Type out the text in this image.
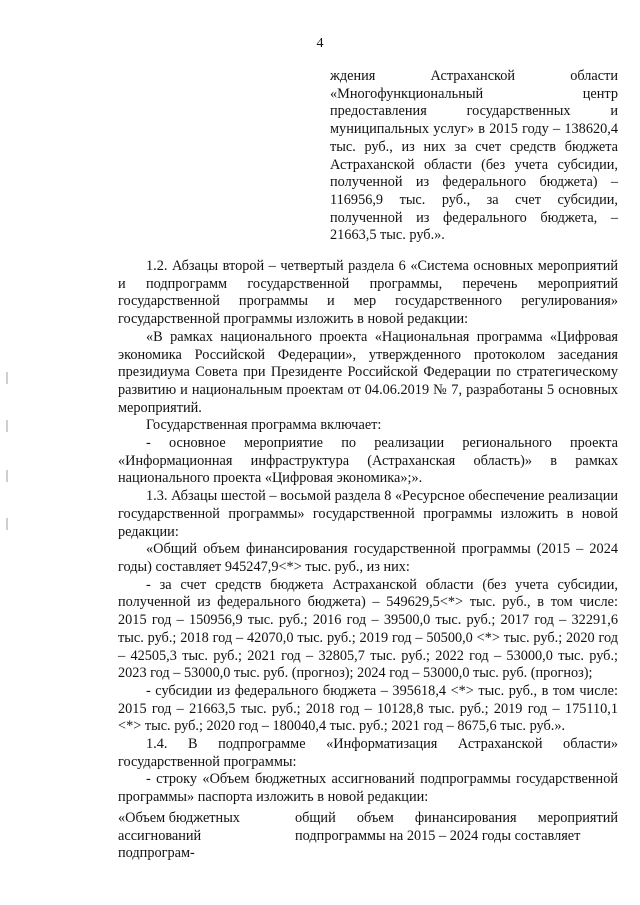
4

ждения Астраханской области «Многофункциональный центр предоставления государственных и муниципальных услуг» в 2015 году – 138620,4 тыс. руб., из них за счет средств бюджета Астраханской области (без учета субсидии, полученной из федерального бюджета) – 116956,9 тыс. руб., за счет субсидии, полученной из федерального бюджета, – 21663,5 тыс. руб.».

1.2. Абзацы второй – четвертый раздела 6 «Система основных мероприятий и подпрограмм государственной программы, перечень мероприятий государственной программы и мер государственного регулирования» государственной программы изложить в новой редакции:

«В рамках национального проекта «Национальная программа «Цифровая экономика Российской Федерации», утвержденного протоколом заседания президиума Совета при Президенте Российской Федерации по стратегическому развитию и национальным проектам от 04.06.2019 № 7, разработаны 5 основных мероприятий.

Государственная программа включает:

- основное мероприятие по реализации регионального проекта «Информационная инфраструктура (Астраханская область)» в рамках национального проекта «Цифровая экономика»;».

1.3. Абзацы шестой – восьмой раздела 8 «Ресурсное обеспечение реализации государственной программы» государственной программы изложить в новой редакции:

«Общий объем финансирования государственной программы (2015 – 2024 годы) составляет 945247,9<*> тыс. руб., из них:

- за счет средств бюджета Астраханской области (без учета субсидии, полученной из федерального бюджета) – 549629,5<*> тыс. руб., в том числе: 2015 год – 150956,9 тыс. руб.; 2016 год – 39500,0 тыс. руб.; 2017 год – 32291,6 тыс. руб.; 2018 год – 42070,0 тыс. руб.; 2019 год – 50500,0 <*> тыс. руб.; 2020 год – 42505,3 тыс. руб.; 2021 год – 32805,7 тыс. руб.; 2022 год – 53000,0 тыс. руб.; 2023 год – 53000,0 тыс. руб. (прогноз); 2024 год – 53000,0 тыс. руб. (прогноз);

- субсидии из федерального бюджета – 395618,4 <*> тыс. руб., в том числе: 2015 год – 21663,5 тыс. руб.; 2018 год – 10128,8 тыс. руб.; 2019 год – 175110,1 <*> тыс. руб.; 2020 год – 180040,4 тыс. руб.; 2021 год – 8675,6 тыс. руб.».

1.4. В подпрограмме «Информатизация Астраханской области» государственной программы:

- строку «Объем бюджетных ассигнований подпрограммы государственной программы» паспорта изложить в новой редакции:

«Объем бюджетных ассигнований подпрограм-
общий объем финансирования мероприятий подпрограммы на 2015 – 2024 годы составляет
